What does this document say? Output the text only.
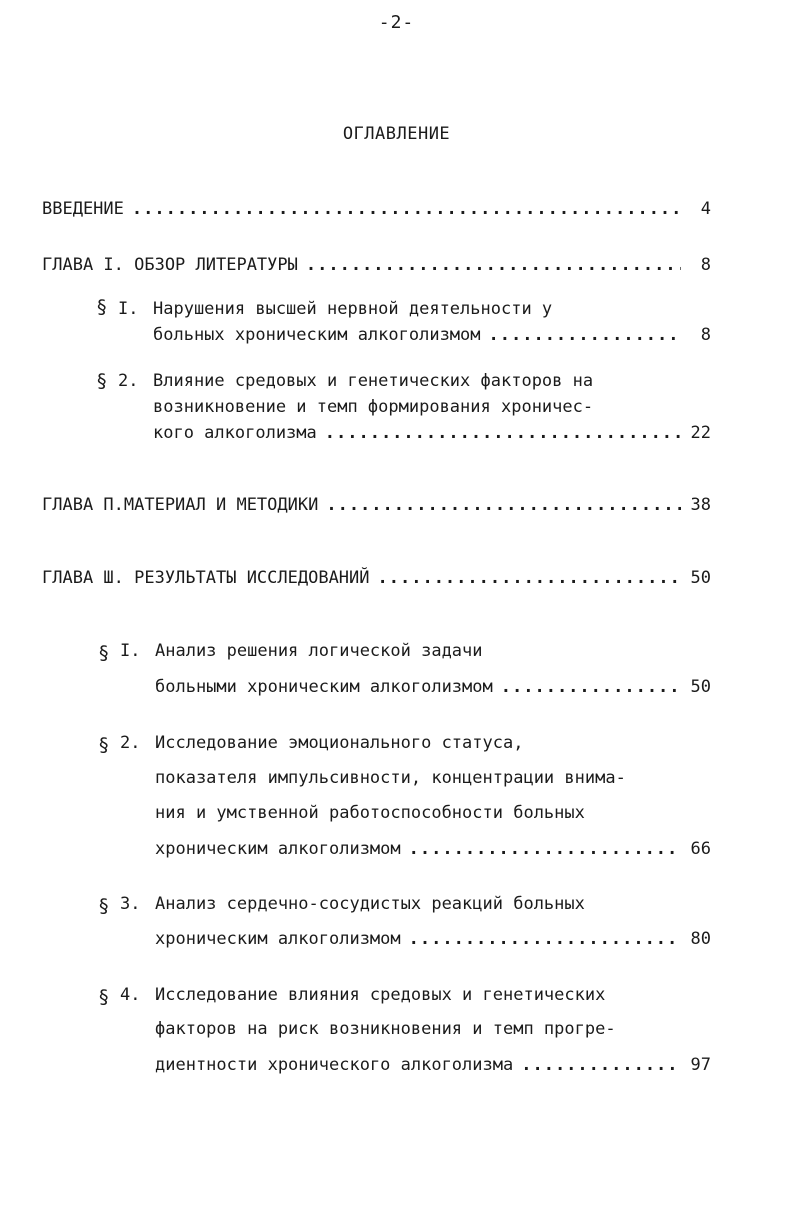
-2-
ОГЛАВЛЕНИЕ
ВВЕДЕНИЕ .....	4
ГЛАВА I. ОБЗОР ЛИТЕРАТУРЫ .....	8
§ I. Нарушения высшей нервной деятельности у
больных хроническим алкоголизмом .....	8
§ 2. Влияние средовых и генетических факторов на
возникновение и темп формирования хроничес-
кого алкоголизма .....	22
ГЛАВА П.МАТЕРИАЛ И МЕТОДИКИ .....	38
ГЛАВА Ш. РЕЗУЛЬТАТЫ ИССЛЕДОВАНИЙ .....	50
§ I. Анализ решения логической задачи
больными хроническим алкоголизмом .....	50
§ 2. Исследование эмоционального статуса,
показателя импульсивности, концентрации внима-
ния и умственной работоспособности больных
хроническим алкоголизмом .....	66
§ 3. Анализ сердечно-сосудистых реакций больных
хроническим алкоголизмом .....	80
§ 4. Исследование влияния средовых и генетических
факторов на риск возникновения и темп прогре-
диентности хронического алкоголизма .....	97
